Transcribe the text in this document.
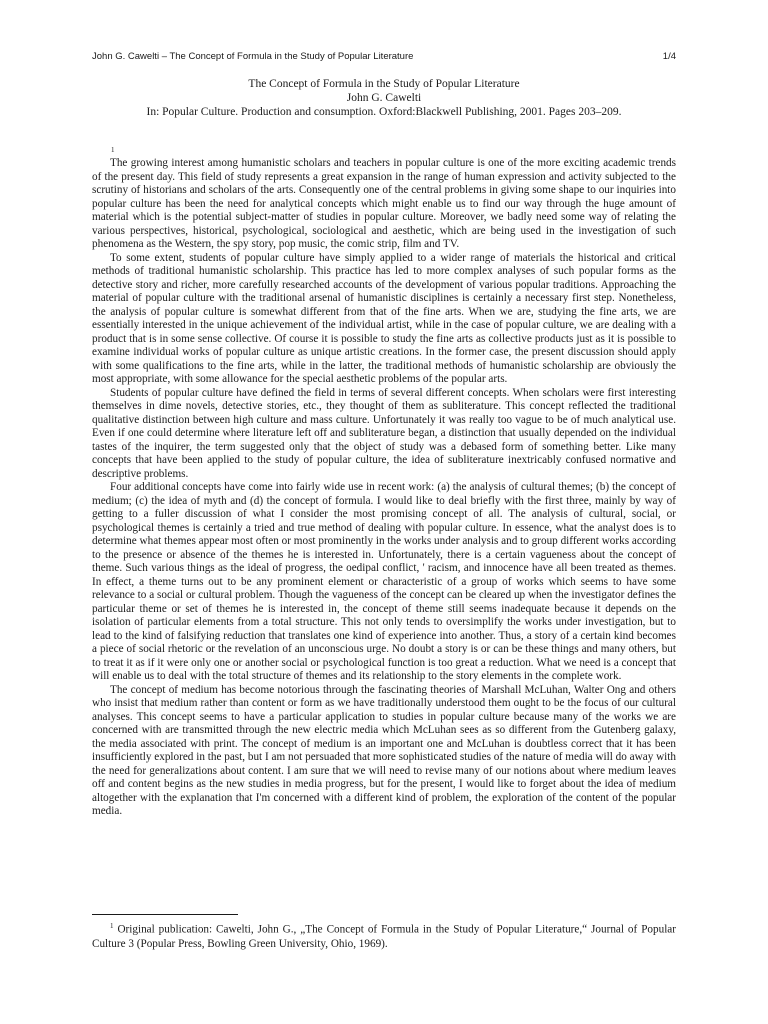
John G. Cawelti – The Concept of Formula in the Study of Popular Literature	1/4
The Concept of Formula in the Study of Popular Literature
John G. Cawelti
In: Popular Culture. Production and consumption. Oxford:Blackwell Publishing, 2001. Pages 203–209.
1

The growing interest among humanistic scholars and teachers in popular culture is one of the more exciting academic trends of the present day. This field of study represents a great expansion in the range of human expression and activity subjected to the scrutiny of historians and scholars of the arts. Consequently one of the central problems in giving some shape to our inquiries into popular culture has been the need for analytical concepts which might enable us to find our way through the huge amount of material which is the potential subject-matter of studies in popular culture. Moreover, we badly need some way of relating the various perspectives, historical, psychological, sociological and aesthetic, which are being used in the investigation of such phenomena as the Western, the spy story, pop music, the comic strip, film and TV.

To some extent, students of popular culture have simply applied to a wider range of materials the historical and critical methods of traditional humanistic scholarship. This practice has led to more complex analyses of such popular forms as the detective story and richer, more carefully researched accounts of the development of various popular traditions. Approaching the material of popular culture with the traditional arsenal of humanistic disciplines is certainly a necessary first step. Nonetheless, the analysis of popular culture is somewhat different from that of the fine arts. When we are, studying the fine arts, we are essentially interested in the unique achievement of the individual artist, while in the case of popular culture, we are dealing with a product that is in some sense collective. Of course it is possible to study the fine arts as collective products just as it is possible to examine individual works of popular culture as unique artistic creations. In the former case, the present discussion should apply with some qualifications to the fine arts, while in the latter, the traditional methods of humanistic scholarship are obviously the most appropriate, with some allowance for the special aesthetic problems of the popular arts.

Students of popular culture have defined the field in terms of several different concepts. When scholars were first interesting themselves in dime novels, detective stories, etc., they thought of them as subliterature. This concept reflected the traditional qualitative distinction between high culture and mass culture. Unfortunately it was really too vague to be of much analytical use. Even if one could determine where literature left off and subliterature began, a distinction that usually depended on the individual tastes of the inquirer, the term suggested only that the object of study was a debased form of something better. Like many concepts that have been applied to the study of popular culture, the idea of subliterature inextricably confused normative and descriptive problems.

Four additional concepts have come into fairly wide use in recent work: (a) the analysis of cultural themes; (b) the concept of medium; (c) the idea of myth and (d) the concept of formula. I would like to deal briefly with the first three, mainly by way of getting to a fuller discussion of what I consider the most promising concept of all. The analysis of cultural, social, or psychological themes is certainly a tried and true method of dealing with popular culture. In essence, what the analyst does is to determine what themes appear most often or most prominently in the works under analysis and to group different works according to the presence or absence of the themes he is interested in. Unfortunately, there is a certain vagueness about the concept of theme. Such various things as the ideal of progress, the oedipal conflict, ' racism, and innocence have all been treated as themes. In effect, a theme turns out to be any prominent element or characteristic of a group of works which seems to have some relevance to a social or cultural problem. Though the vagueness of the concept can be cleared up when the investigator defines the particular theme or set of themes he is interested in, the concept of theme still seems inadequate because it depends on the isolation of particular elements from a total structure. This not only tends to oversimplify the works under investigation, but to lead to the kind of falsifying reduction that translates one kind of experience into another. Thus, a story of a certain kind becomes a piece of social rhetoric or the revelation of an unconscious urge. No doubt a story is or can be these things and many others, but to treat it as if it were only one or another social or psychological function is too great a reduction. What we need is a concept that will enable us to deal with the total structure of themes and its relationship to the story elements in the complete work.

The concept of medium has become notorious through the fascinating theories of Marshall McLuhan, Walter Ong and others who insist that medium rather than content or form as we have traditionally understood them ought to be the focus of our cultural analyses. This concept seems to have a particular application to studies in popular culture because many of the works we are concerned with are transmitted through the new electric media which McLuhan sees as so different from the Gutenberg galaxy, the media associated with print. The concept of medium is an important one and McLuhan is doubtless correct that it has been insufficiently explored in the past, but I am not persuaded that more sophisticated studies of the nature of media will do away with the need for generalizations about content. I am sure that we will need to revise many of our notions about where medium leaves off and content begins as the new studies in media progress, but for the present, I would like to forget about the idea of medium altogether with the explanation that I'm concerned with a different kind of problem, the exploration of the content of the popular media.

$^1$ Original publication: Cawelti, John G., „The Concept of Formula in the Study of Popular Literature,“ Journal of Popular Culture 3 (Popular Press, Bowling Green University, Ohio, 1969).
